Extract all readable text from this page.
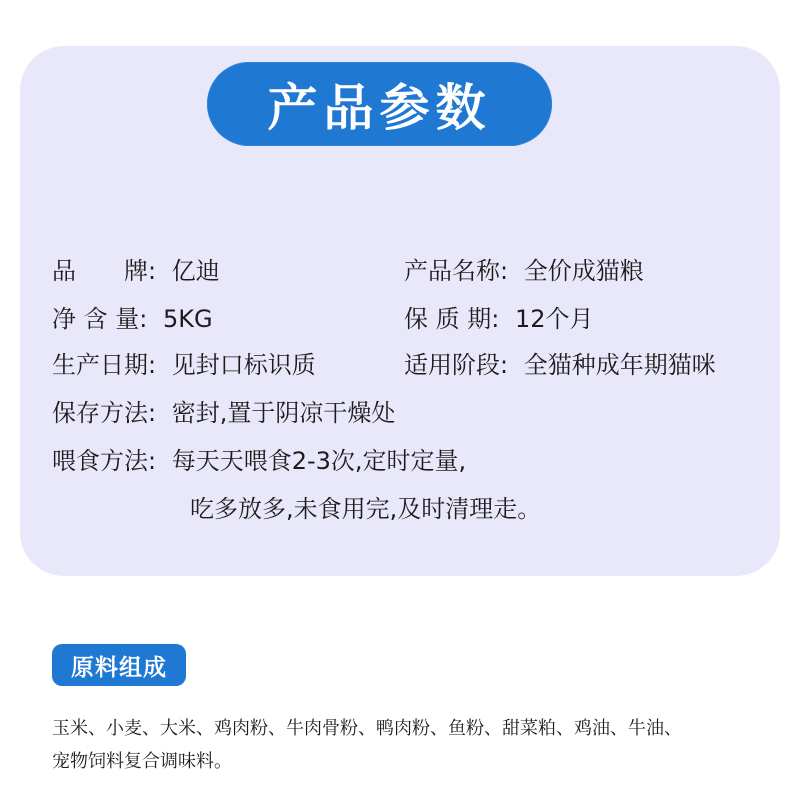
产品参数
品　　牌: 亿迪	产品名称: 全价成猫粮
净 含 量: 5KG	保 质 期: 12个月
生产日期: 见封口标识质	适用阶段: 全猫种成年期猫咪
保存方法: 密封,置于阴凉干燥处
喂食方法: 每天天喂食2-3次,定时定量,
吃多放多,未食用完,及时清理走。
原料组成
玉米、小麦、大米、鸡肉粉、牛肉骨粉、鸭肉粉、鱼粉、甜菜粕、鸡油、牛油、
宠物饲料复合调味料。
